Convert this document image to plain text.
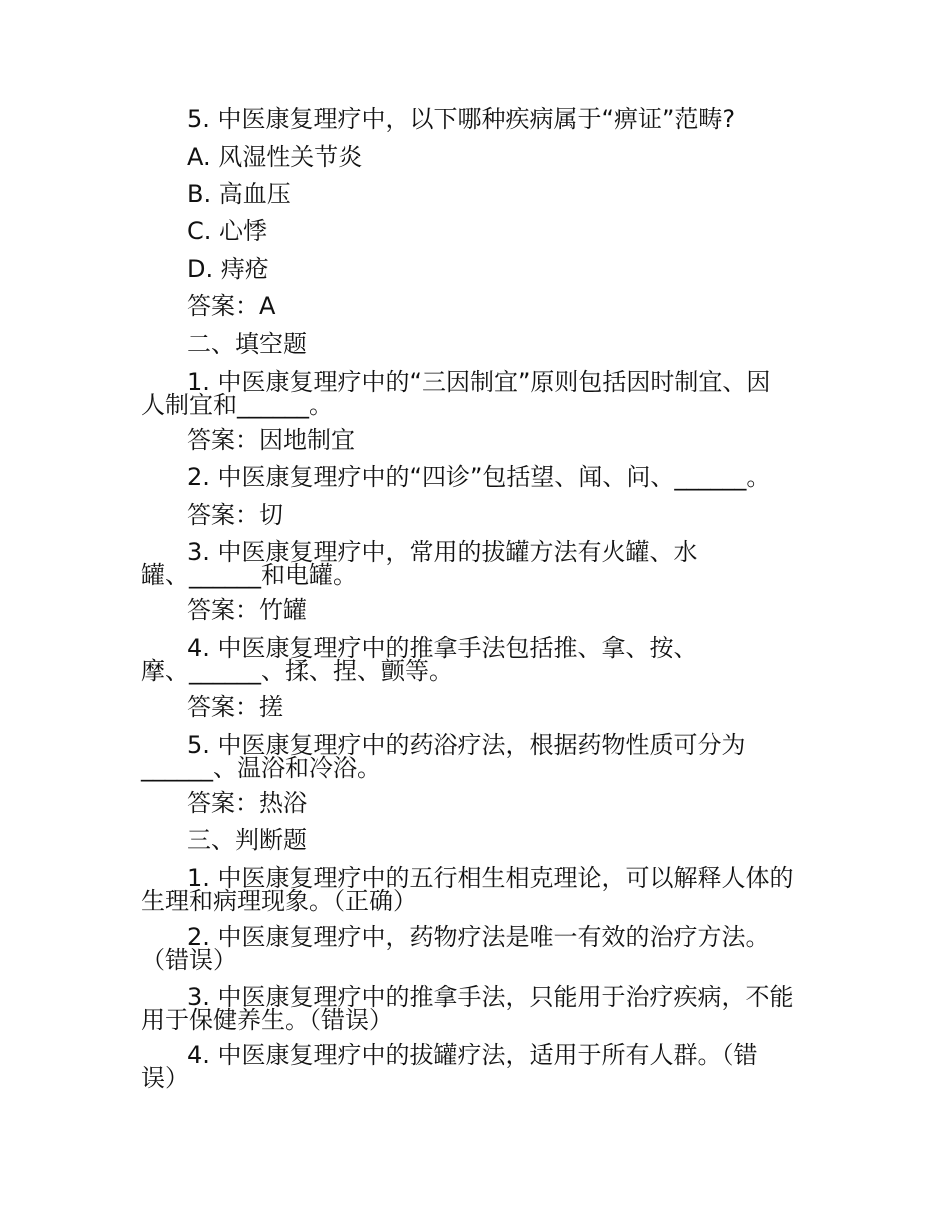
5. 中医康复理疗中，以下哪种疾病属于“痹证”范畴?
A. 风湿性关节炎
B. 高血压
C. 心悸
D. 痔疮
答案：A
二、填空题
1. 中医康复理疗中的“三因制宜”原则包括因时制宜、因
人制宜和______。
答案：因地制宜
2. 中医康复理疗中的“四诊”包括望、闻、问、______。
答案：切
3. 中医康复理疗中，常用的拔罐方法有火罐、水
罐、______和电罐。
答案：竹罐
4. 中医康复理疗中的推拿手法包括推、拿、按、
摩、______、揉、捏、颤等。
答案：搓
5. 中医康复理疗中的药浴疗法，根据药物性质可分为
______、温浴和冷浴。
答案：热浴
三、判断题
1. 中医康复理疗中的五行相生相克理论，可以解释人体的
生理和病理现象。（正确）
2. 中医康复理疗中，药物疗法是唯一有效的治疗方法。
（错误）
3. 中医康复理疗中的推拿手法，只能用于治疗疾病，不能
用于保健养生。（错误）
4. 中医康复理疗中的拔罐疗法，适用于所有人群。（错
误）
